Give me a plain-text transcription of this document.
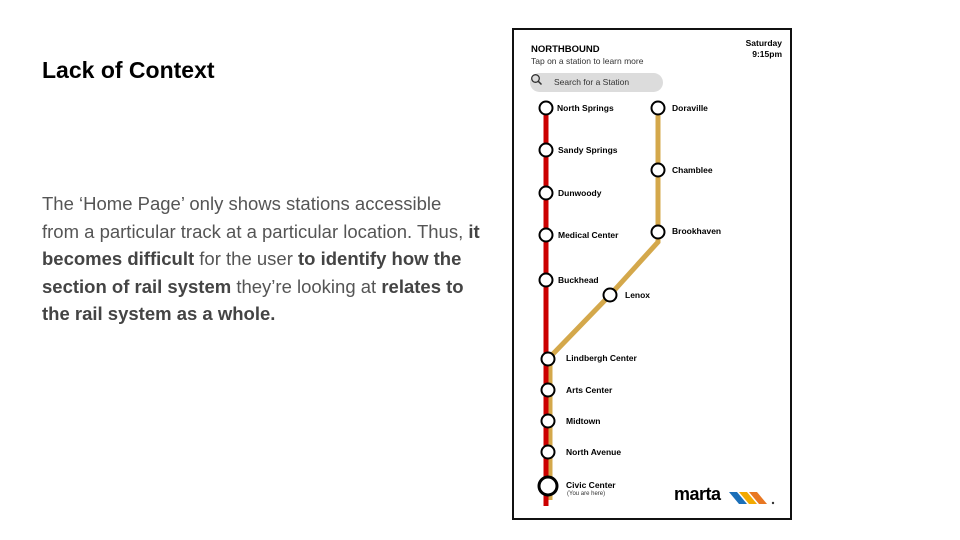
Lack of Context
The ‘Home Page’ only shows stations accessible from a particular track at a particular location. Thus, it becomes difficult for the user to identify how the section of rail system they’re looking at relates to the rail system as a whole.
NORTHBOUND
Tap on a station to learn more
Saturday
9:15pm
Search for a Station
North Springs
Sandy Springs
Dunwoody
Medical Center
Buckhead
Doraville
Chamblee
Brookhaven
Lenox
Lindbergh Center
Arts Center
Midtown
North Avenue
Civic Center
(You are here)	marta
